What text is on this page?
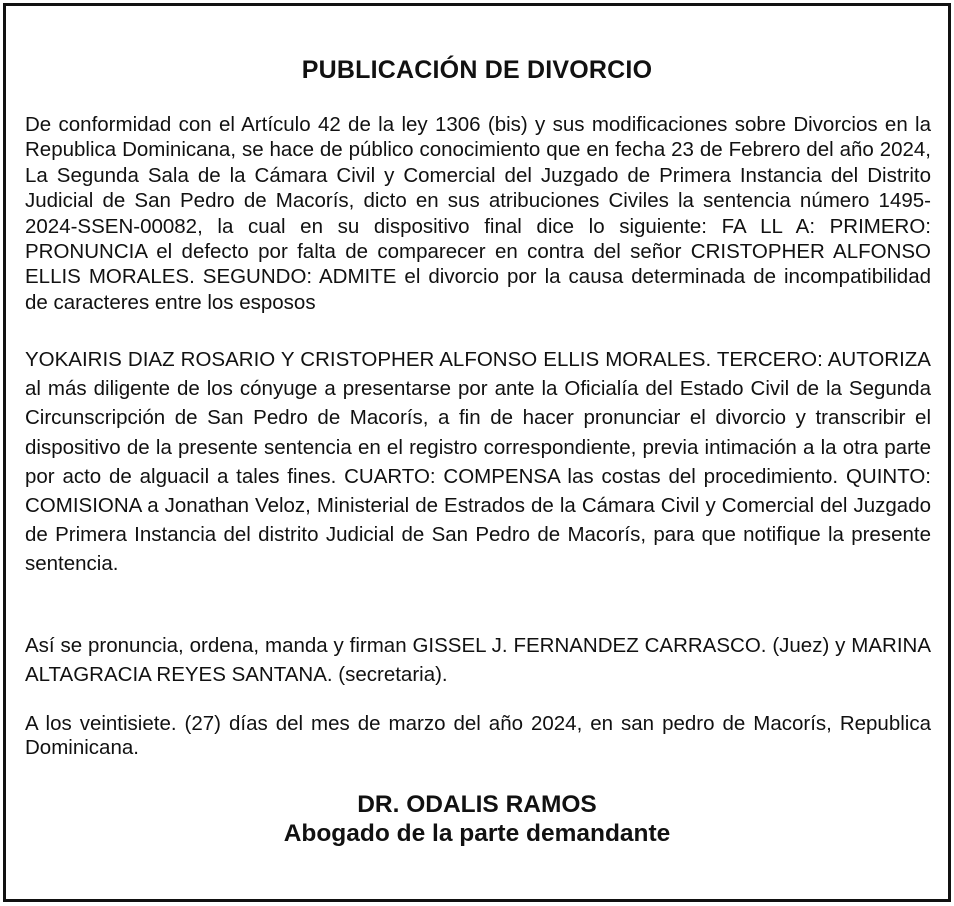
PUBLICACIÓN DE DIVORCIO
De conformidad con el Artículo 42 de la ley 1306 (bis) y sus modificaciones sobre Divorcios en la Republica Dominicana, se hace de público conocimiento que en fecha 23 de Febrero del año 2024, La Segunda Sala de la Cámara Civil y Comercial del Juzgado de Primera Instancia del Distrito Judicial de San Pedro de Macorís, dicto en sus atribuciones Civiles la sentencia número 1495-2024-SSEN-00082, la cual en su dispositivo final dice lo siguiente: FA LL A: PRIMERO: PRONUNCIA el defecto por falta de comparecer en contra del señor CRISTOPHER ALFONSO ELLIS MORALES. SEGUNDO: ADMITE el divorcio por la causa determinada de incompatibilidad de caracteres entre los esposos
YOKAIRIS DIAZ ROSARIO Y CRISTOPHER ALFONSO ELLIS MORALES. TERCERO: AUTORIZA al más diligente de los cónyuge a presentarse por ante la Oficialía del Estado Civil de la Segunda Circunscripción de San Pedro de Macorís, a fin de hacer pronunciar el divorcio y transcribir el dispositivo de la presente sentencia en el registro correspondiente, previa intimación a la otra parte por acto de alguacil a tales fines. CUARTO: COMPENSA las costas del procedimiento. QUINTO: COMISIONA a Jonathan Veloz, Ministerial de Estrados de la Cámara Civil y Comercial del Juzgado de Primera Instancia del distrito Judicial de San Pedro de Macorís, para que notifique la presente sentencia.
Así se pronuncia, ordena, manda y firman GISSEL J. FERNANDEZ CARRASCO. (Juez) y MARINA ALTAGRACIA REYES SANTANA. (secretaria).
A los veintisiete. (27) días del mes de marzo del año 2024, en san pedro de Macorís, Republica Dominicana.
DR. ODALIS RAMOS
Abogado de la parte demandante
